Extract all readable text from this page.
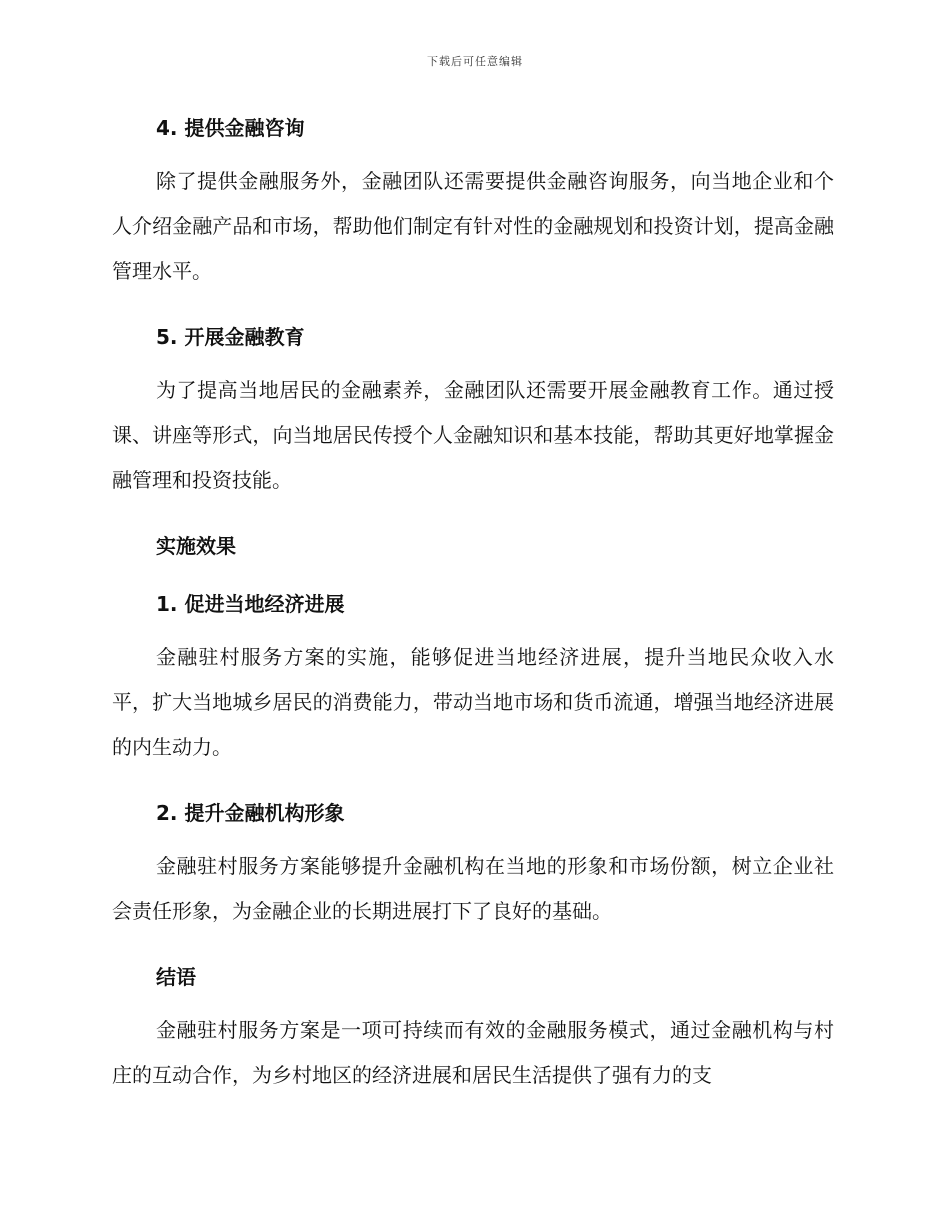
下载后可任意编辑
4. 提供金融咨询

除了提供金融服务外，金融团队还需要提供金融咨询服务，向当地企业和个人介绍金融产品和市场，帮助他们制定有针对性的金融规划和投资计划，提高金融管理水平。

5. 开展金融教育

为了提高当地居民的金融素养，金融团队还需要开展金融教育工作。通过授课、讲座等形式，向当地居民传授个人金融知识和基本技能，帮助其更好地掌握金融管理和投资技能。

实施效果
1. 促进当地经济进展

金融驻村服务方案的实施，能够促进当地经济进展，提升当地民众收入水平，扩大当地城乡居民的消费能力，带动当地市场和货币流通，增强当地经济进展的内生动力。

2. 提升金融机构形象

金融驻村服务方案能够提升金融机构在当地的形象和市场份额，树立企业社会责任形象，为金融企业的长期进展打下了良好的基础。

结语

金融驻村服务方案是一项可持续而有效的金融服务模式，通过金融机构与村庄的互动合作，为乡村地区的经济进展和居民生活提供了强有力的支
